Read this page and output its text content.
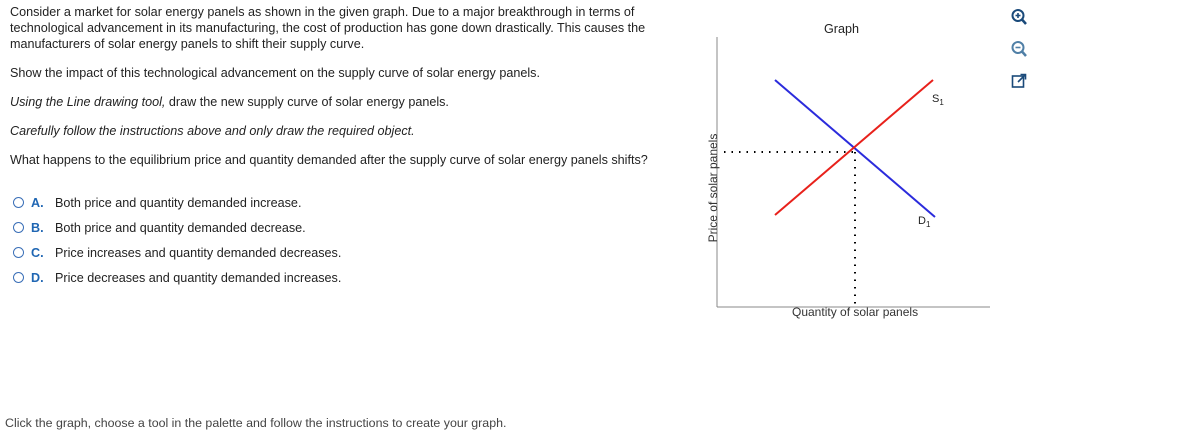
Consider a market for solar energy panels as shown in the given graph. Due to a major breakthrough in terms of technological advancement in its manufacturing, the cost of production has gone down drastically. This causes the manufacturers of solar energy panels to shift their supply curve.

Show the impact of this technological advancement on the supply curve of solar energy panels.
Using the Line drawing tool, draw the new supply curve of solar energy panels.
Carefully follow the instructions above and only draw the required object.
What happens to the equilibrium price and quantity demanded after the supply curve of solar energy panels shifts?
A. Both price and quantity demanded increase.
B. Both price and quantity demanded decrease.
C. Price increases and quantity demanded decreases.
D. Price decreases and quantity demanded increases.
Click the graph, choose a tool in the palette and follow the instructions to create your graph.
Graph
Price of solar panels
Quantity of solar panels
$S_1$
$D_1$
